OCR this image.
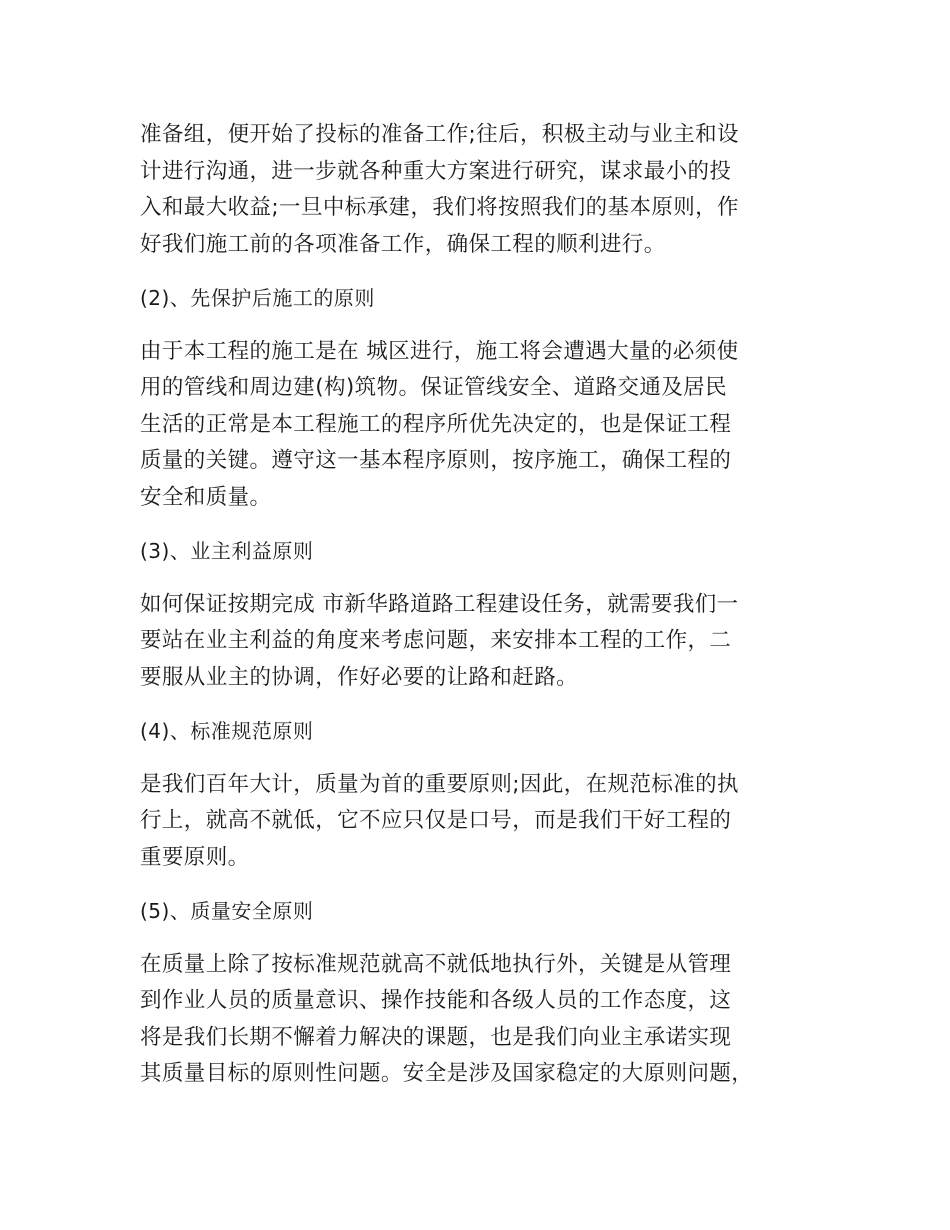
准备组，便开始了投标的准备工作;往后，积极主动与业主和设
计进行沟通，进一步就各种重大方案进行研究，谋求最小的投
入和最大收益;一旦中标承建，我们将按照我们的基本原则，作
好我们施工前的各项准备工作，确保工程的顺利进行。

(2)、先保护后施工的原则

由于本工程的施工是在 城区进行，施工将会遭遇大量的必须使
用的管线和周边建(构)筑物。保证管线安全、道路交通及居民
生活的正常是本工程施工的程序所优先决定的，也是保证工程
质量的关键。遵守这一基本程序原则，按序施工，确保工程的
安全和质量。

(3)、业主利益原则

如何保证按期完成 市新华路道路工程建设任务，就需要我们一
要站在业主利益的角度来考虑问题，来安排本工程的工作，二
要服从业主的协调，作好必要的让路和赶路。

(4)、标准规范原则

是我们百年大计，质量为首的重要原则;因此，在规范标准的执
行上，就高不就低，它不应只仅是口号，而是我们干好工程的
重要原则。

(5)、质量安全原则

在质量上除了按标准规范就高不就低地执行外，关键是从管理
到作业人员的质量意识、操作技能和各级人员的工作态度，这
将是我们长期不懈着力解决的课题，也是我们向业主承诺实现
其质量目标的原则性问题。安全是涉及国家稳定的大原则问题，
